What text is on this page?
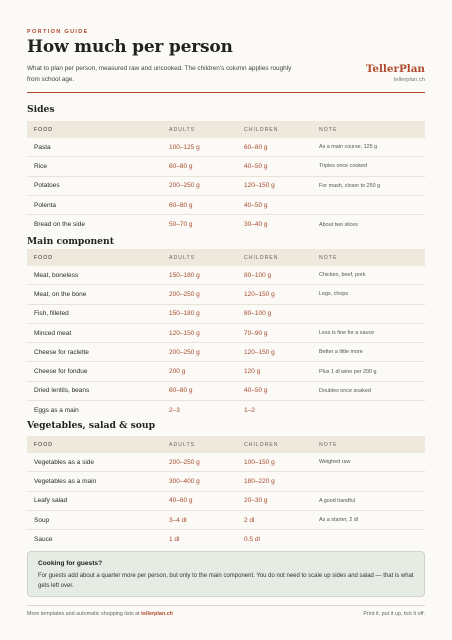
PORTION GUIDE
How much per person
What to plan per person, measured raw and uncooked. The children's column applies roughly from school age.
TellerPlan
tellerplan.ch
Sides
FOOD	ADULTS	CHILDREN	NOTE
Pasta	100–125 g	60–80 g	As a main course, 125 g
Rice	60–80 g	40–50 g	Triples once cooked
Potatoes	200–250 g	120–150 g	For mash, closer to 250 g
Polenta	60–80 g	40–50 g
Bread on the side	50–70 g	30–40 g	About two slices
Main component
FOOD	ADULTS	CHILDREN	NOTE
Meat, boneless	150–180 g	80–100 g	Chicken, beef, pork
Meat, on the bone	200–250 g	120–150 g	Legs, chops
Fish, filleted	150–180 g	80–100 g
Minced meat	120–150 g	70–90 g	Less is fine for a sauce
Cheese for raclette	200–250 g	120–150 g	Better a little more
Cheese for fondue	200 g	120 g	Plus 1 dl wine per 200 g
Dried lentils, beans	60–80 g	40–50 g	Doubles once soaked
Eggs as a main	2–3	1–2
Vegetables, salad & soup
FOOD	ADULTS	CHILDREN	NOTE
Vegetables as a side	200–250 g	100–150 g	Weighed raw
Vegetables as a main	300–400 g	180–220 g
Leafy salad	40–60 g	20–30 g	A good handful
Soup	3–4 dl	2 dl	As a starter, 2 dl
Sauce	1 dl	0.5 dl
Cooking for guests?
For guests add about a quarter more per person, but only to the main component. You do not need to scale up sides and salad — that is what gets left over.
More templates and automatic shopping lists at tellerplan.ch	Print it, put it up, tick it off.
